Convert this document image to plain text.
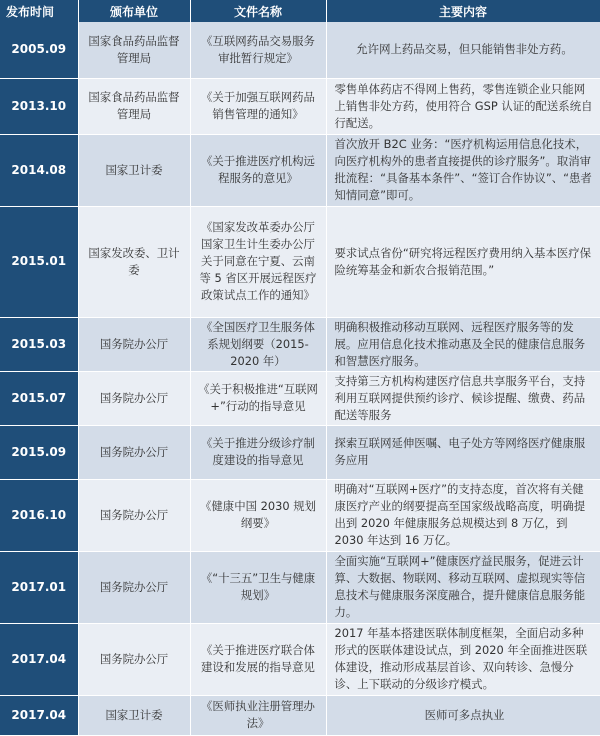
发布时间	颁布单位	文件名称	主要内容
2005.09	国家食品药品监督管理局	《互联网药品交易服务审批暂行规定》	允许网上药品交易，但只能销售非处方药。
2013.10	国家食品药品监督管理局	《关于加强互联网药品销售管理的通知》	零售单体药店不得网上售药，零售连锁企业只能网上销售非处方药，使用符合 GSP 认证的配送系统自行配送。
2014.08	国家卫计委	《关于推进医疗机构远程服务的意见》	首次放开 B2C 业务：“医疗机构运用信息化技术，向医疗机构外的患者直接提供的诊疗服务”。取消审批流程：“具备基本条件”、“签订合作协议”、“患者知情同意”即可。
2015.01	国家发改委、卫计委	《国家发改革委办公厅国家卫生计生委办公厅关于同意在宁夏、云南等 5 省区开展远程医疗政策试点工作的通知》	要求试点省份“研究将远程医疗费用纳入基本医疗保险统筹基金和新农合报销范围。”
2015.03	国务院办公厅	《全国医疗卫生服务体系规划纲要（2015-2020 年）	明确积极推动移动互联网、远程医疗服务等的发展。应用信息化技术推动惠及全民的健康信息服务和智慧医疗服务。
2015.07	国务院办公厅	《关于积极推进“互联网+”行动的指导意见	支持第三方机构构建医疗信息共享服务平台，支持利用互联网提供预约诊疗、候诊提醒、缴费、药品配送等服务
2015.09	国务院办公厅	《关于推进分级诊疗制度建设的指导意见	探索互联网延伸医嘱、电子处方等网络医疗健康服务应用
2016.10	国务院办公厅	《健康中国 2030 规划纲要》	明确对“互联网+医疗”的支持态度，首次将有关健康医疗产业的纲要提高至国家级战略高度，明确提出到 2020 年健康服务总规模达到 8 万亿，到 2030 年达到 16 万亿。
2017.01	国务院办公厅	《“十三五”卫生与健康规划》	全面实施“互联网+”健康医疗益民服务，促进云计算、大数据、物联网、移动互联网、虚拟现实等信息技术与健康服务深度融合，提升健康信息服务能力。
2017.04	国务院办公厅	《关于推进医疗联合体建设和发展的指导意见	2017 年基本搭建医联体制度框架，全面启动多种形式的医联体建设试点，到 2020 年全面推进医联体建设，推动形成基层首诊、双向转诊、急慢分诊、上下联动的分级诊疗模式。
2017.04	国家卫计委	《医师执业注册管理办法》	医师可多点执业
